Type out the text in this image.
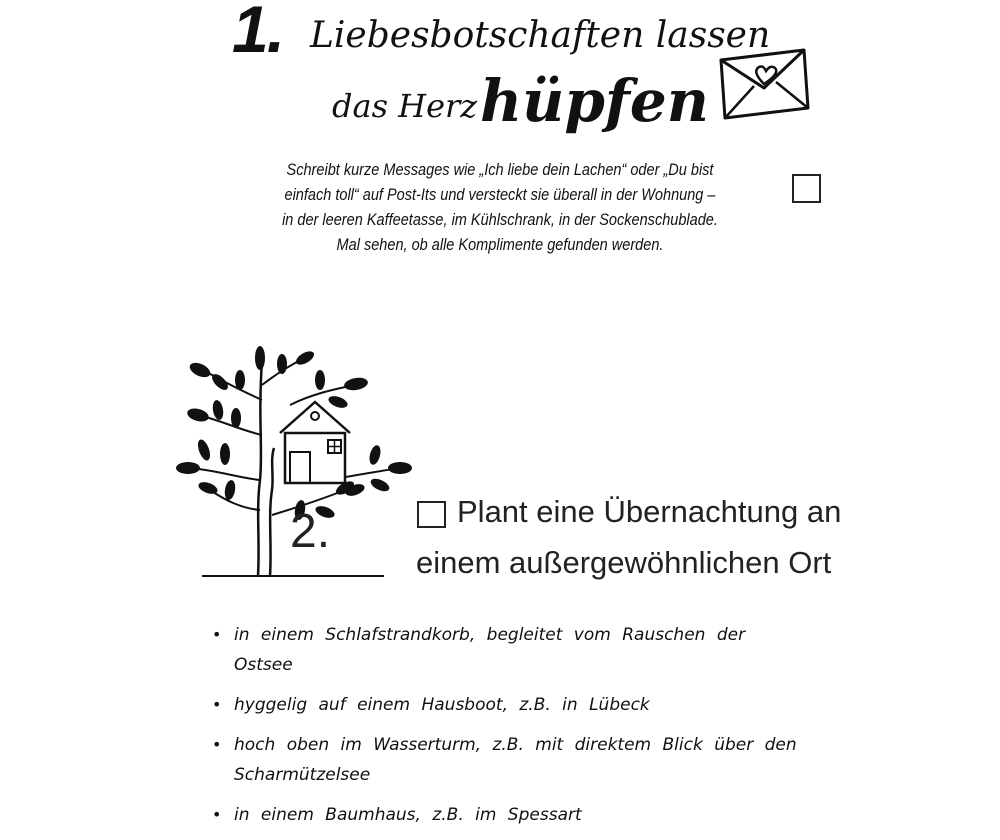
1. Liebesbotschaften lassen
das Herz hüpfen
Schreibt kurze Messages wie „Ich liebe dein Lachen“ oder „Du bist
einfach toll“ auf Post-Its und versteckt sie überall in der Wohnung –
in der leeren Kaffeetasse, im Kühlschrank, in der Sockenschublade.
Mal sehen, ob alle Komplimente gefunden werden.
2.	Plant eine Übernachtung an
einem außergewöhnlichen Ort
• in einem Schlafstrandkorb, begleitet vom Rauschen der Ostsee
• hyggelig auf einem Hausboot, z.B. in Lübeck
• hoch oben im Wasserturm, z.B. mit direktem Blick über den Scharmützelsee
• in einem Baumhaus, z.B. im Spessart
